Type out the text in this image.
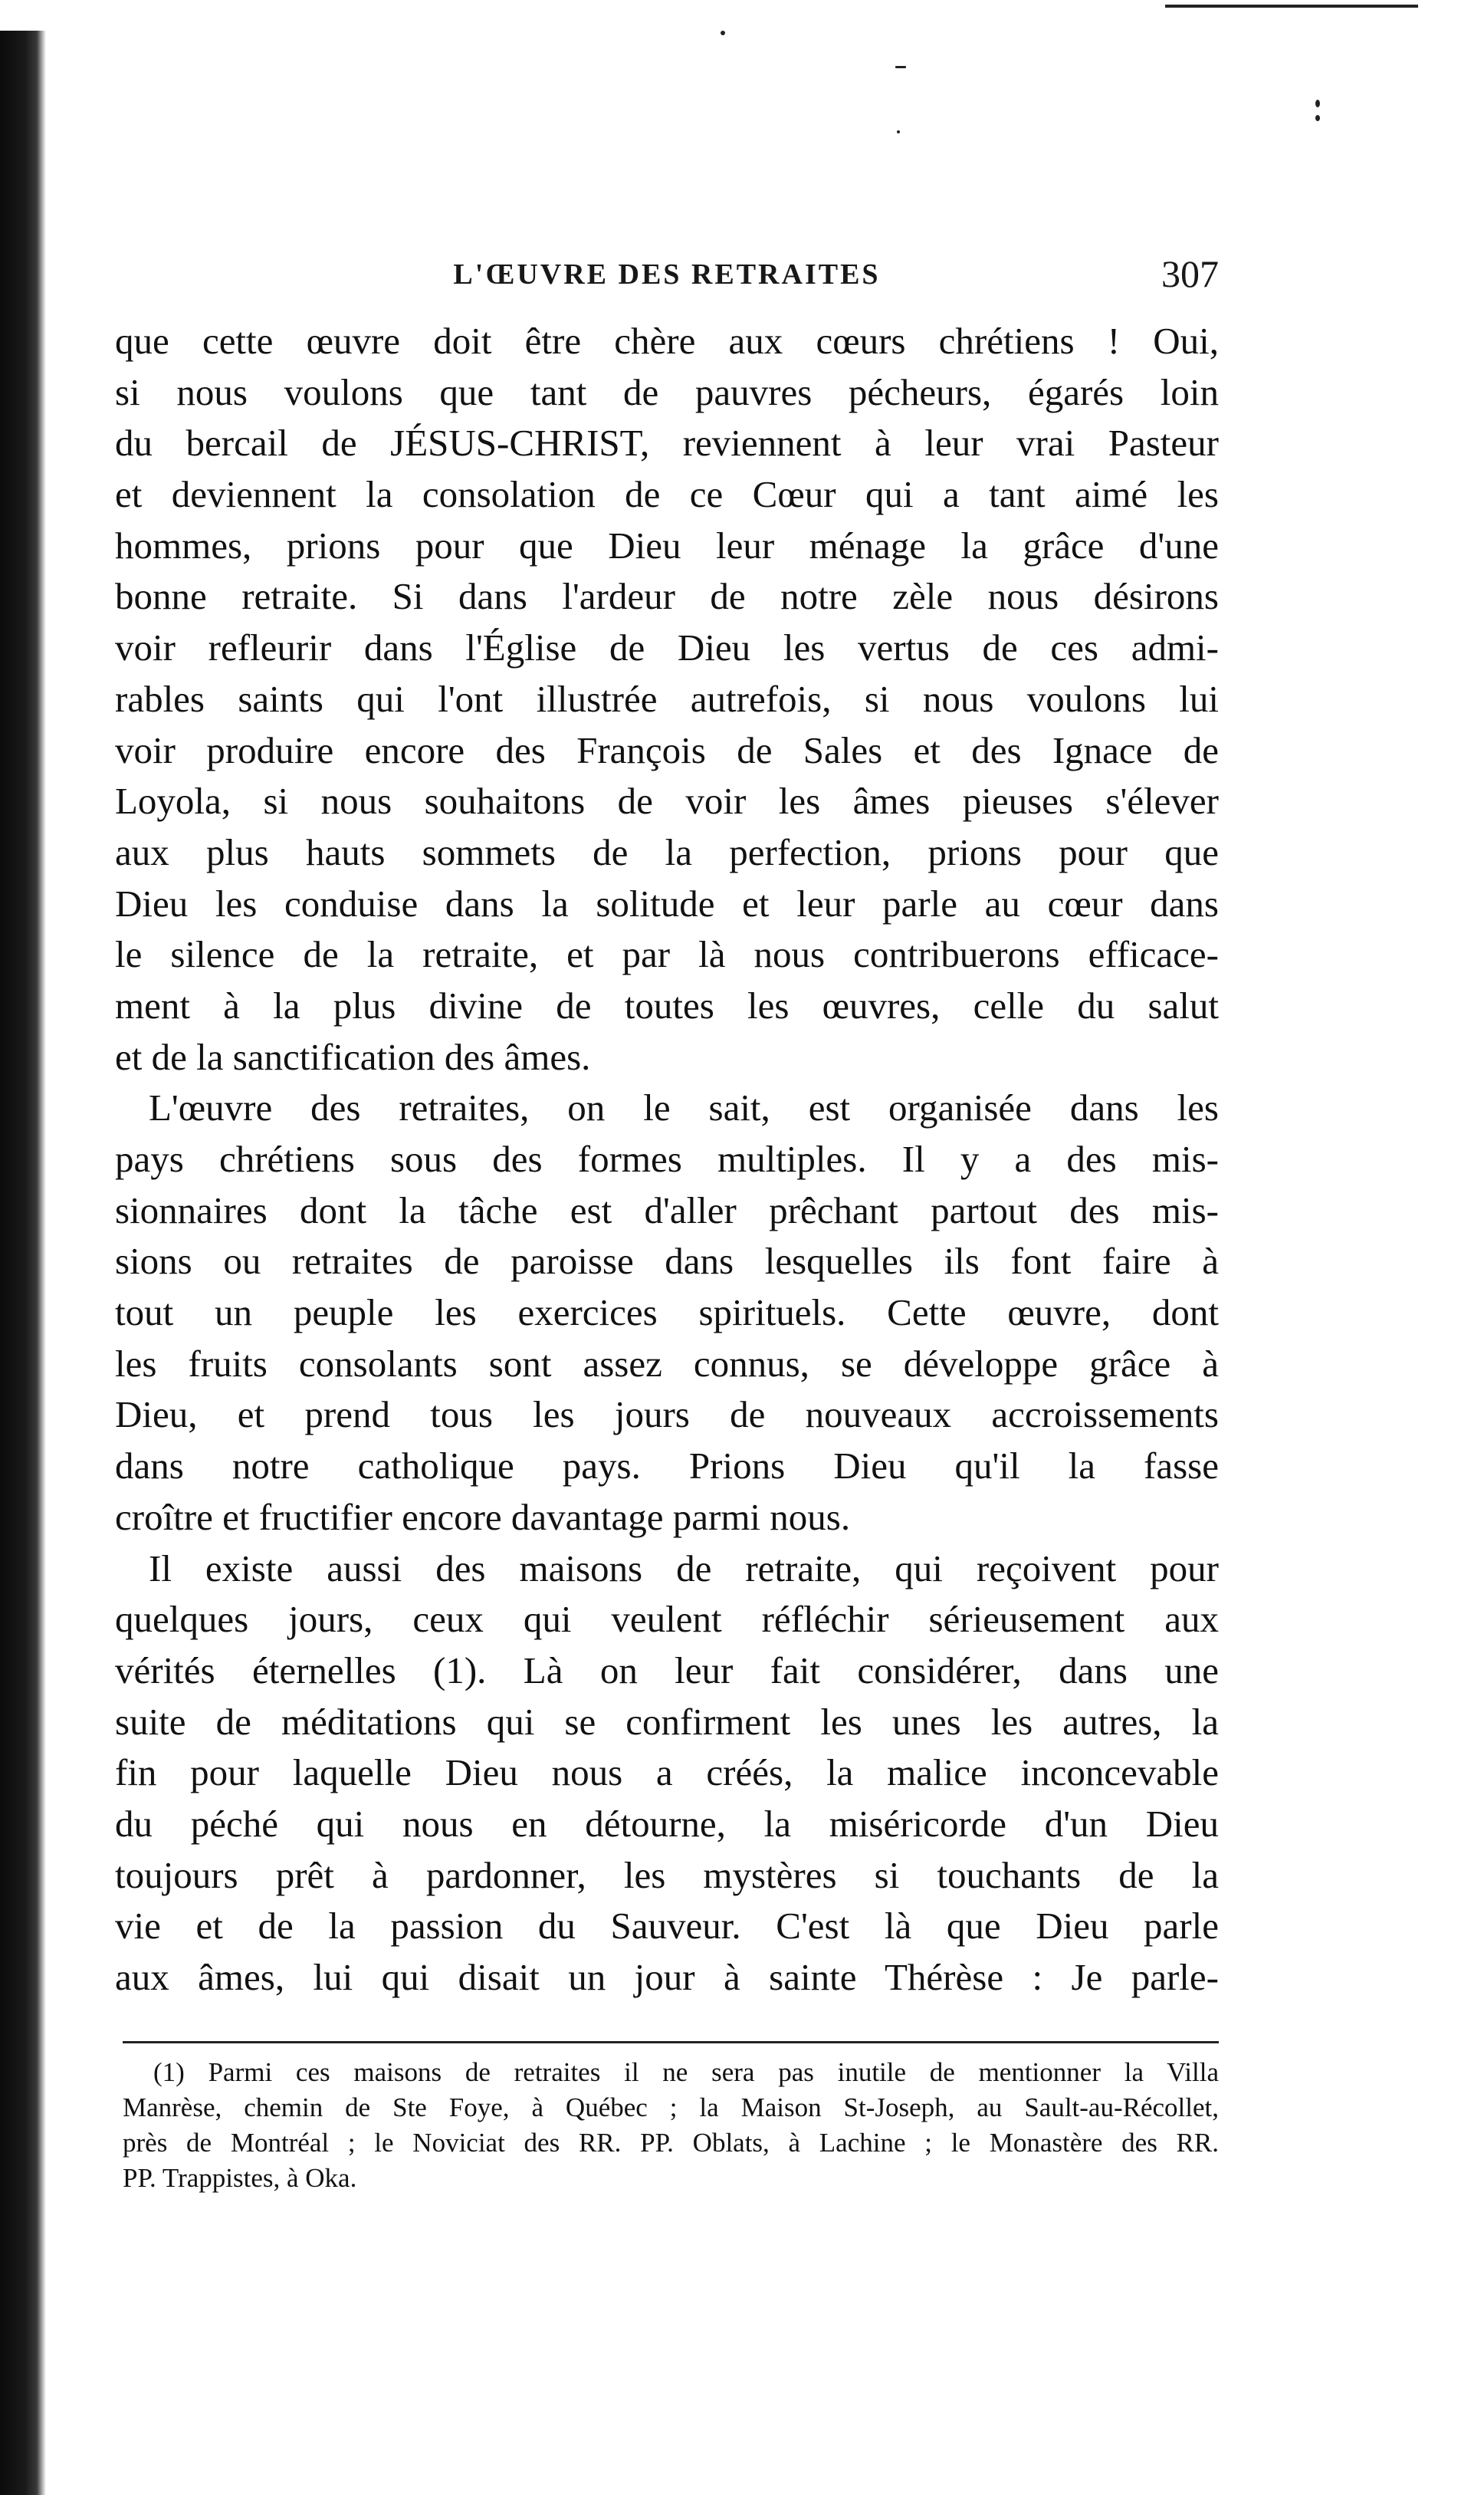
L'ŒUVRE DES RETRAITES	307
que cette œuvre doit être chère aux cœurs chrétiens ! Oui,
si nous voulons que tant de pauvres pécheurs, égarés loin
du bercail de JÉSUS-CHRIST, reviennent à leur vrai Pasteur
et deviennent la consolation de ce Cœur qui a tant aimé les
hommes, prions pour que Dieu leur ménage la grâce d'une
bonne retraite. Si dans l'ardeur de notre zèle nous désirons
voir refleurir dans l'Église de Dieu les vertus de ces admi-
rables saints qui l'ont illustrée autrefois, si nous voulons lui
voir produire encore des François de Sales et des Ignace de
Loyola, si nous souhaitons de voir les âmes pieuses s'élever
aux plus hauts sommets de la perfection, prions pour que
Dieu les conduise dans la solitude et leur parle au cœur dans
le silence de la retraite, et par là nous contribuerons efficace-
ment à la plus divine de toutes les œuvres, celle du salut
et de la sanctification des âmes.
L'œuvre des retraites, on le sait, est organisée dans les
pays chrétiens sous des formes multiples. Il y a des mis-
sionnaires dont la tâche est d'aller prêchant partout des mis-
sions ou retraites de paroisse dans lesquelles ils font faire à
tout un peuple les exercices spirituels. Cette œuvre, dont
les fruits consolants sont assez connus, se développe grâce à
Dieu, et prend tous les jours de nouveaux accroissements
dans notre catholique pays. Prions Dieu qu'il la fasse
croître et fructifier encore davantage parmi nous.
Il existe aussi des maisons de retraite, qui reçoivent pour
quelques jours, ceux qui veulent réfléchir sérieusement aux
vérités éternelles (1). Là on leur fait considérer, dans une
suite de méditations qui se confirment les unes les autres, la
fin pour laquelle Dieu nous a créés, la malice inconcevable
du péché qui nous en détourne, la miséricorde d'un Dieu
toujours prêt à pardonner, les mystères si touchants de la
vie et de la passion du Sauveur. C'est là que Dieu parle
aux âmes, lui qui disait un jour à sainte Thérèse : Je parle-
(1) Parmi ces maisons de retraites il ne sera pas inutile de mentionner la Villa
Manrèse, chemin de Ste Foye, à Québec ; la Maison St-Joseph, au Sault-au-Récollet,
près de Montréal ; le Noviciat des RR. PP. Oblats, à Lachine ; le Monastère des RR.
PP. Trappistes, à Oka.
